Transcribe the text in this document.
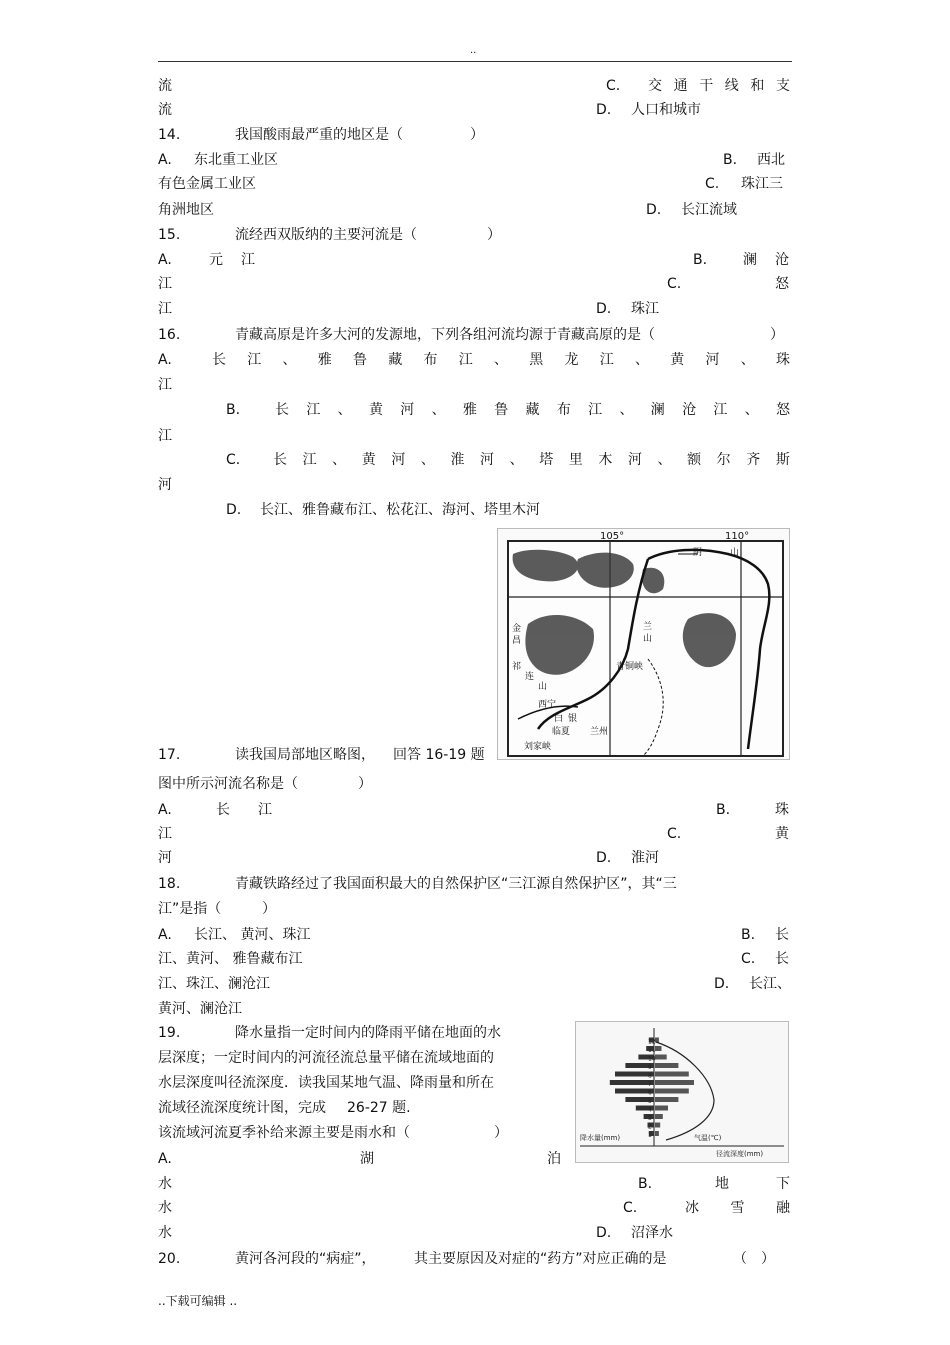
..
流	C. 交 通 干 线 和 支
流	D. 人口和城市
14.	我国酸雨最严重的地区是（	）
A. 东北重工业区	B. 西北
有色金属工业区	C. 珠江三
角洲地区	D. 长江流域
15.	流经西双版纳的主要河流是（	）
A.	元 江	B.	澜 沧
江	C.	怒
江	D. 珠江
16.	青藏高原是许多大河的发源地，下列各组河流均源于青藏高原的是（	）
A.	长 江 、 雅 鲁 藏 布 江 、 黑 龙 江 、 黄 河 、 珠
江
B. 长 江 、 黄 河 、 雅 鲁 藏 布 江 、 澜 沧 江 、 怒
江
C. 长 江 、 黄 河 、 淮 河 、 塔 里 木 河 、 额 尔 齐 斯
河
D. 长江、雅鲁藏布江、松花江、海河、塔里木河
105°	110°
阴	山
兰
山
青铜峡
金
昌
祁
连
山
西宁
白 银
兰州
刘家峡
临夏
17.	读我国局部地区略图， 回答 16-19 题
图中所示河流名称是（	）
A.	长 江	B.	珠
江	C.	黄
河	D. 淮河
18.	青藏铁路经过了我国面积最大的自然保护区“三江源自然保护区”，其“三
江”是指（	）
A. 长江、 黄河、珠江	B. 长
江、黄河、 雅鲁藏布江	C. 长
江、珠江、澜沧江	D. 长江、
黄河、澜沧江
19.	降水量指一定时间内的降雨平储在地面的水
层深度；一定时间内的河流径流总量平储在流域地面的
水层深度叫径流深度．读我国某地气温、降雨量和所在
流域径流深度统计图，完成 26-27 题.
该流域河流夏季补给来源主要是雨水和（	）
A.	湖	泊
降水量(mm)	气温(℃)
径流深度(mm)
1
2
3
4
5
6
7
8
9
10
11
12
水	B.	地	下
水	C.	冰 雪 融
水	D. 沼泽水
20.	黄河各河段的“病症”，	其主要原因及对症的“药方”对应正确的是	（　）
..下载可编辑 ..
